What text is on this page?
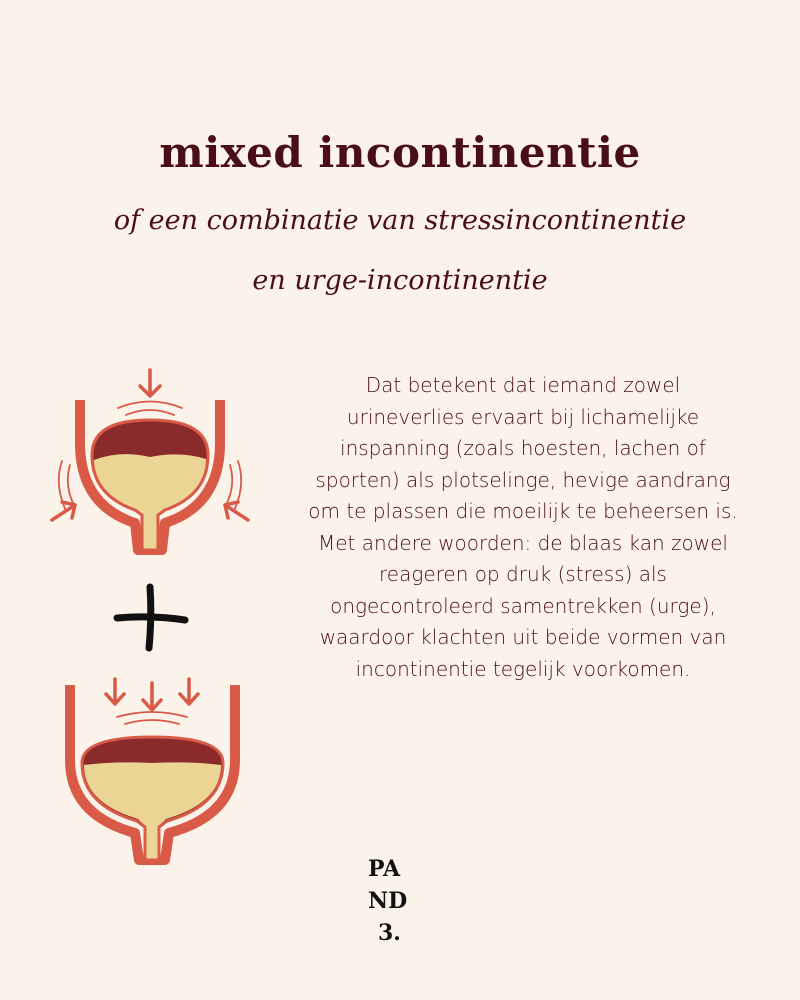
mixed incontinentie
of een combinatie van stressincontinentie
en urge-incontinentie

Dat betekent dat iemand zowel urineverlies ervaart bij lichamelijke inspanning (zoals hoesten, lachen of sporten) als plotselinge, hevige aandrang om te plassen die moeilijk te beheersen is.

Met andere woorden: de blaas kan zowel reageren op druk (stress) als ongecontroleerd samentrekken (urge), waardoor klachten uit beide vormen van incontinentie tegelijk voorkomen.

PA
ND
3.
